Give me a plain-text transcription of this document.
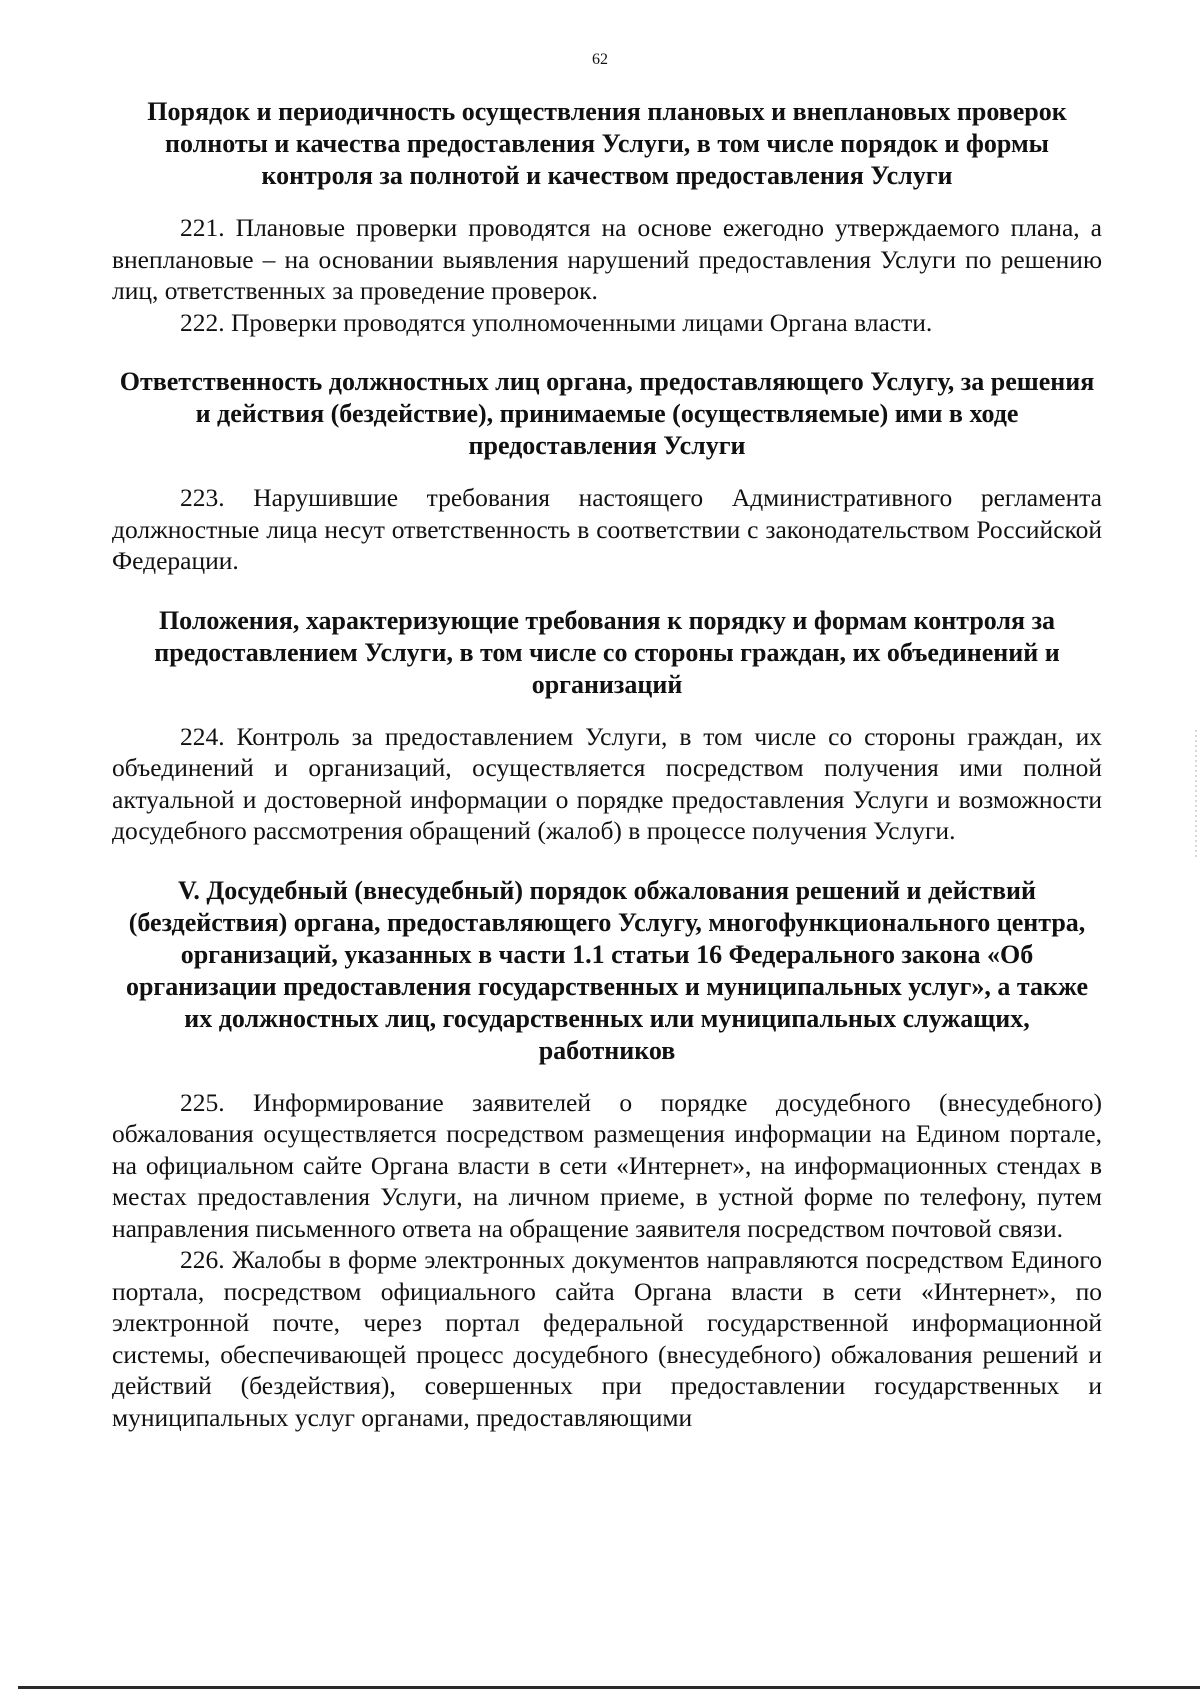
62
Порядок и периодичность осуществления плановых и внеплановых проверок полноты и качества предоставления Услуги, в том числе порядок и формы контроля за полнотой и качеством предоставления Услуги

221. Плановые проверки проводятся на основе ежегодно утверждаемого плана, а внеплановые – на основании выявления нарушений предоставления Услуги по решению лиц, ответственных за проведение проверок.

222. Проверки проводятся уполномоченными лицами Органа власти.

Ответственность должностных лиц органа, предоставляющего Услугу, за решения и действия (бездействие), принимаемые (осуществляемые) ими в ходе предоставления Услуги

223. Нарушившие требования настоящего Административного регламента должностные лица несут ответственность в соответствии с законодательством Российской Федерации.

Положения, характеризующие требования к порядку и формам контроля за предоставлением Услуги, в том числе со стороны граждан, их объединений и организаций

224. Контроль за предоставлением Услуги, в том числе со стороны граждан, их объединений и организаций, осуществляется посредством получения ими полной актуальной и достоверной информации о порядке предоставления Услуги и возможности досудебного рассмотрения обращений (жалоб) в процессе получения Услуги.

V. Досудебный (внесудебный) порядок обжалования решений и действий (бездействия) органа, предоставляющего Услугу, многофункционального центра, организаций, указанных в части 1.1 статьи 16 Федерального закона «Об организации предоставления государственных и муниципальных услуг», а также их должностных лиц, государственных или муниципальных служащих, работников

225. Информирование заявителей о порядке досудебного (внесудебного) обжалования осуществляется посредством размещения информации на Едином портале, на официальном сайте Органа власти в сети «Интернет», на информационных стендах в местах предоставления Услуги, на личном приеме, в устной форме по телефону, путем направления письменного ответа на обращение заявителя посредством почтовой связи.

226. Жалобы в форме электронных документов направляются посредством Единого портала, посредством официального сайта Органа власти в сети «Интернет», по электронной почте, через портал федеральной государственной информационной системы, обеспечивающей процесс досудебного (внесудебного) обжалования решений и действий (бездействия), совершенных при предоставлении государственных и муниципальных услуг органами, предоставляющими
